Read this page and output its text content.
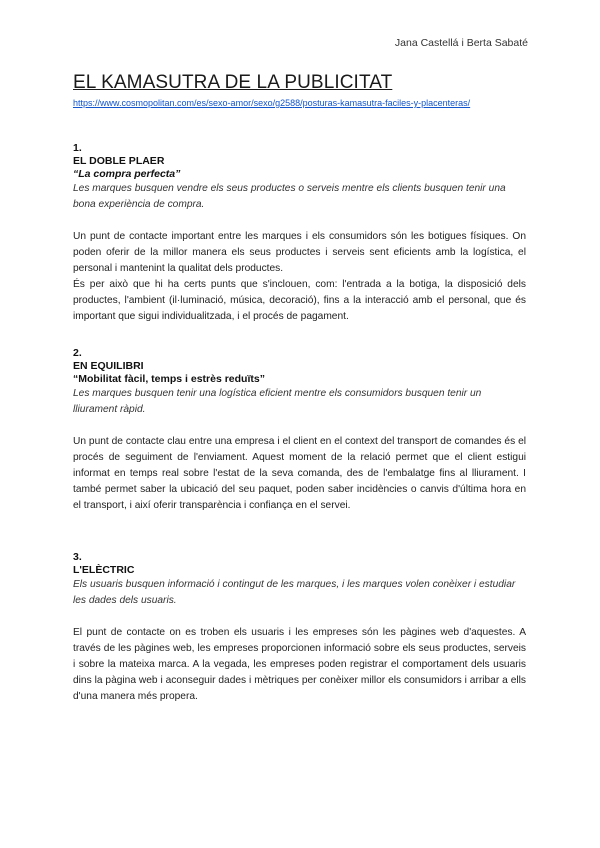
Jana Castellá i Berta Sabaté
EL KAMASUTRA DE LA PUBLICITAT
https://www.cosmopolitan.com/es/sexo-amor/sexo/g2588/posturas-kamasutra-faciles-y-placenteras/
1.
EL DOBLE PLAER
“La compra perfecta”

Les marques busquen vendre els seus productes o serveis mentre els clients busquen tenir una bona experiència de compra.

Un punt de contacte important entre les marques i els consumidors són les botigues físiques. On poden oferir de la millor manera els seus productes i serveis sent eficients amb la logística, el personal i mantenint la qualitat dels productes.

És per això que hi ha certs punts que s'inclouen, com: l'entrada a la botiga, la disposició dels productes, l'ambient (il·luminació, música, decoració), fins a la interacció amb el personal, que és important que sigui individualitzada, i el procés de pagament.

2.
EN EQUILIBRI
“Mobilitat fàcil, temps i estrès reduïts”

Les marques busquen tenir una logística eficient mentre els consumidors busquen tenir un lliurament ràpid.

Un punt de contacte clau entre una empresa i el client en el context del transport de comandes és el procés de seguiment de l'enviament. Aquest moment de la relació permet que el client estigui informat en temps real sobre l'estat de la seva comanda, des de l'embalatge fins al lliurament. I també permet saber la ubicació del seu paquet, poden saber incidències o canvis d'última hora en el transport, i així oferir transparència i confiança en el servei.

3.
L'ELÈCTRIC

Els usuaris busquen informació i contingut de les marques, i les marques volen conèixer i estudiar les dades dels usuaris.

El punt de contacte on es troben els usuaris i les empreses són les pàgines web d'aquestes. A través de les pàgines web, les empreses proporcionen informació sobre els seus productes, serveis i sobre la mateixa marca. A la vegada, les empreses poden registrar el comportament dels usuaris dins la pàgina web i aconseguir dades i mètriques per conèixer millor els consumidors i arribar a ells d'una manera més propera.
